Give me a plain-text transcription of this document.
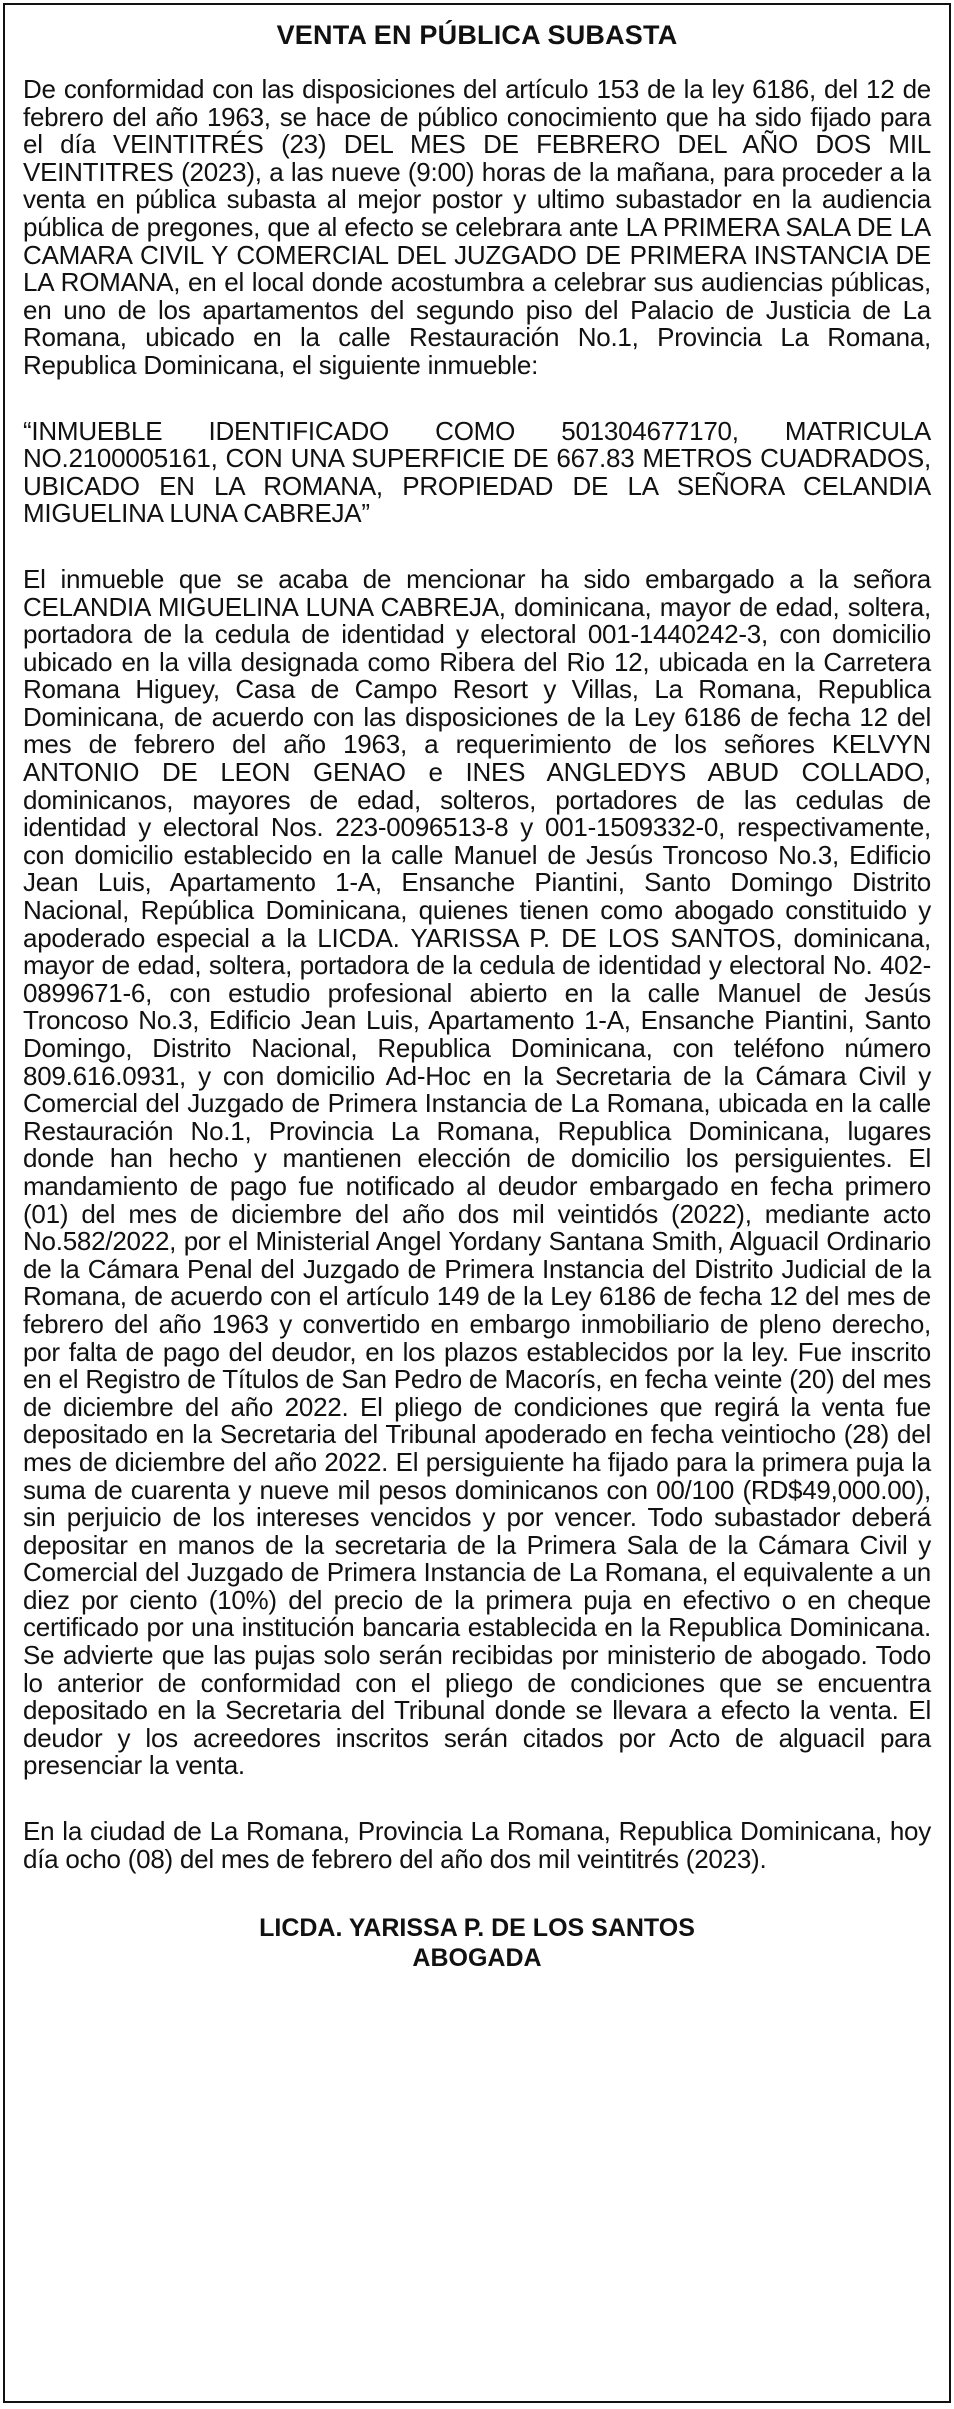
VENTA EN PÚBLICA SUBASTA

De conformidad con las disposiciones del artículo 153 de la ley 6186, del 12 de febrero del año 1963, se hace de público conocimiento que ha sido fijado para el día VEINTITRÉS (23) DEL MES DE FEBRERO DEL AÑO DOS MIL VEINTITRES (2023), a las nueve (9:00) horas de la mañana, para proceder a la venta en pública subasta al mejor postor y ultimo subastador en la audiencia pública de pregones, que al efecto se celebrara ante LA PRIMERA SALA DE LA CAMARA CIVIL Y COMERCIAL DEL JUZGADO DE PRIMERA INSTANCIA DE LA ROMANA, en el local donde acostumbra a celebrar sus audiencias públicas, en uno de los apartamentos del segundo piso del Palacio de Justicia de La Romana, ubicado en la calle Restauración No.1, Provincia La Romana, Republica Dominicana, el siguiente inmueble:

“INMUEBLE IDENTIFICADO COMO 501304677170, MATRICULA NO.2100005161, CON UNA SUPERFICIE DE 667.83 METROS CUADRADOS, UBICADO EN LA ROMANA, PROPIEDAD DE LA SEÑORA CELANDIA MIGUELINA LUNA CABREJA”

El inmueble que se acaba de mencionar ha sido embargado a la señora CELANDIA MIGUELINA LUNA CABREJA, dominicana, mayor de edad, soltera, portadora de la cedula de identidad y electoral 001-1440242-3, con domicilio ubicado en la villa designada como Ribera del Rio 12, ubicada en la Carretera Romana Higuey, Casa de Campo Resort y Villas, La Romana, Republica Dominicana, de acuerdo con las disposiciones de la Ley 6186 de fecha 12 del mes de febrero del año 1963, a requerimiento de los señores KELVYN ANTONIO DE LEON GENAO e INES ANGLEDYS ABUD COLLADO, dominicanos, mayores de edad, solteros, portadores de las cedulas de identidad y electoral Nos. 223-0096513-8 y 001-1509332-0, respectivamente, con domicilio establecido en la calle Manuel de Jesús Troncoso No.3, Edificio Jean Luis, Apartamento 1-A, Ensanche Piantini, Santo Domingo Distrito Nacional, República Dominicana, quienes tienen como abogado constituido y apoderado especial a la LICDA. YARISSA P. DE LOS SANTOS, dominicana, mayor de edad, soltera, portadora de la cedula de identidad y electoral No. 402-0899671-6, con estudio profesional abierto en la calle Manuel de Jesús Troncoso No.3, Edificio Jean Luis, Apartamento 1-A, Ensanche Piantini, Santo Domingo, Distrito Nacional, Republica Dominicana, con teléfono número 809.616.0931, y con domicilio Ad-Hoc en la Secretaria de la Cámara Civil y Comercial del Juzgado de Primera Instancia de La Romana, ubicada en la calle Restauración No.1, Provincia La Romana, Republica Dominicana, lugares donde han hecho y mantienen elección de domicilio los persiguientes. El mandamiento de pago fue notificado al deudor embargado en fecha primero (01) del mes de diciembre del año dos mil veintidós (2022), mediante acto No.582/2022, por el Ministerial Angel Yordany Santana Smith, Alguacil Ordinario de la Cámara Penal del Juzgado de Primera Instancia del Distrito Judicial de la Romana, de acuerdo con el artículo 149 de la Ley 6186 de fecha 12 del mes de febrero del año 1963 y convertido en embargo inmobiliario de pleno derecho, por falta de pago del deudor, en los plazos establecidos por la ley. Fue inscrito en el Registro de Títulos de San Pedro de Macorís, en fecha veinte (20) del mes de diciembre del año 2022. El pliego de condiciones que regirá la venta fue depositado en la Secretaria del Tribunal apoderado en fecha veintiocho (28) del mes de diciembre del año 2022. El persiguiente ha fijado para la primera puja la suma de cuarenta y nueve mil pesos dominicanos con 00/100 (RD$49,000.00), sin perjuicio de los intereses vencidos y por vencer. Todo subastador deberá depositar en manos de la secretaria de la Primera Sala de la Cámara Civil y Comercial del Juzgado de Primera Instancia de La Romana, el equivalente a un diez por ciento (10%) del precio de la primera puja en efectivo o en cheque certificado por una institución bancaria establecida en la Republica Dominicana. Se advierte que las pujas solo serán recibidas por ministerio de abogado. Todo lo anterior de conformidad con el pliego de condiciones que se encuentra depositado en la Secretaria del Tribunal donde se llevara a efecto la venta. El deudor y los acreedores inscritos serán citados por Acto de alguacil para presenciar la venta.

En la ciudad de La Romana, Provincia La Romana, Republica Dominicana, hoy día ocho (08) del mes de febrero del año dos mil veintitrés (2023).

LICDA. YARISSA P. DE LOS SANTOS
ABOGADA
